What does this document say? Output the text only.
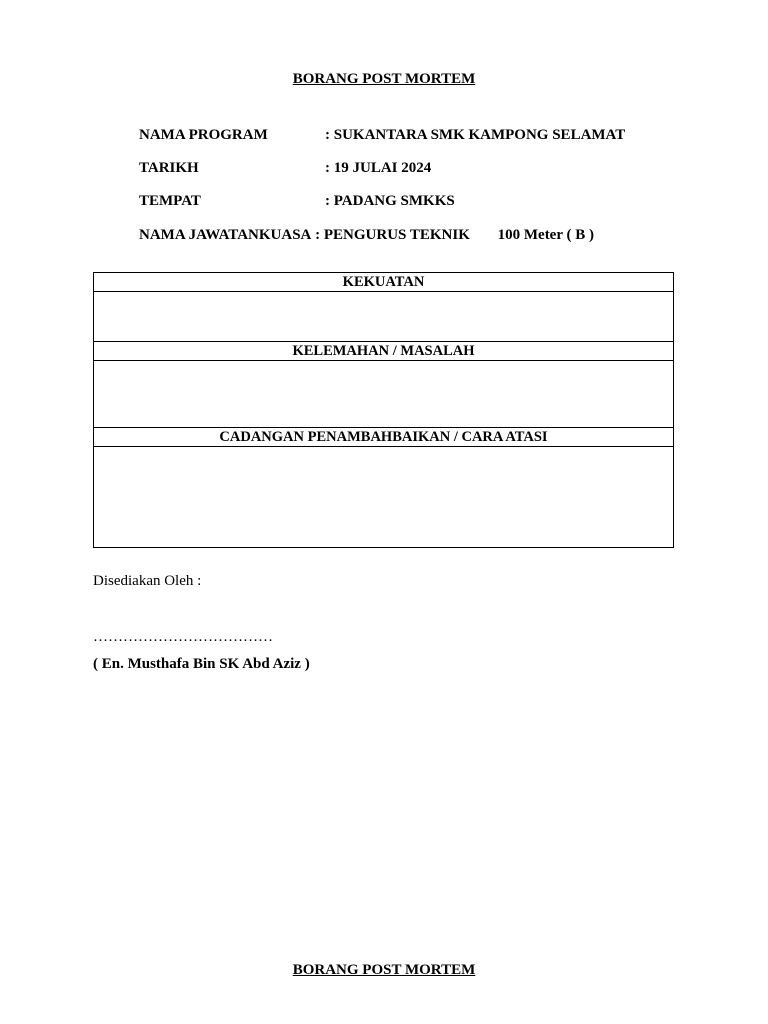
BORANG POST MORTEM
NAMA PROGRAM	: SUKANTARA SMK KAMPONG SELAMAT
TARIKH	: 19 JULAI 2024
TEMPAT	: PADANG SMKKS
NAMA JAWATANKUASA : PENGURUS TEKNIK 100 Meter ( B )
KEKUATAN
KELEMAHAN / MASALAH
CADANGAN PENAMBAHBAIKAN / CARA ATASI
Disediakan Oleh :
………………………………
( En. Musthafa Bin SK Abd Aziz )
BORANG POST MORTEM
